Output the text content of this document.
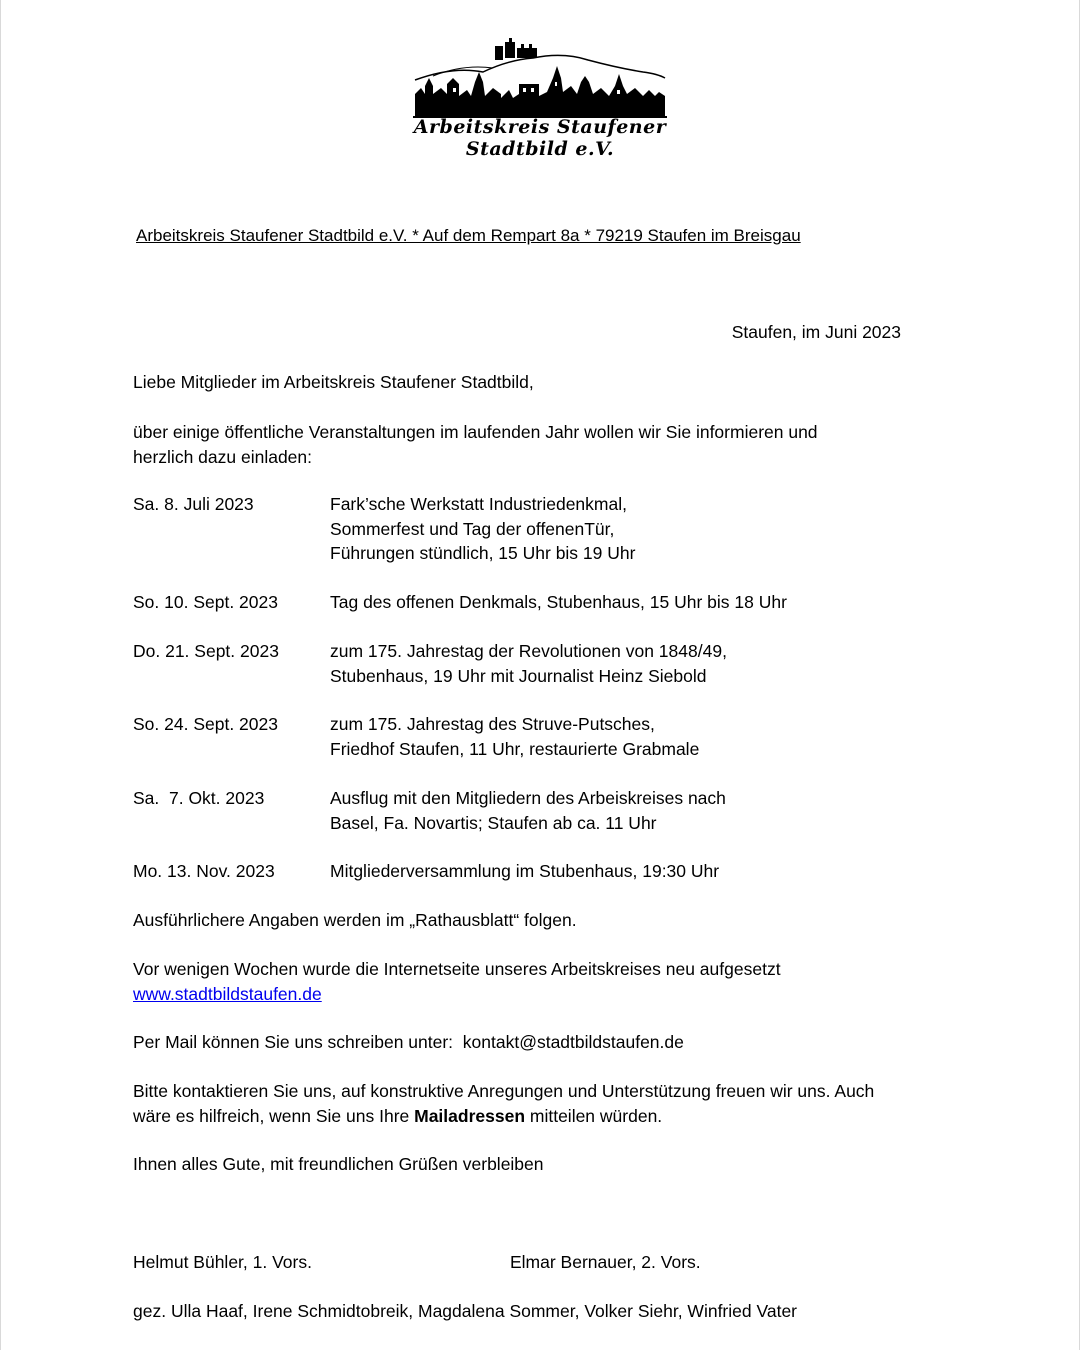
Arbeitskreis Staufener Stadtbild e.V.
Arbeitskreis Staufener Stadtbild e.V. * Auf dem Rempart 8a * 79219 Staufen im Breisgau
Staufen, im Juni 2023
Liebe Mitglieder im Arbeitskreis Staufener Stadtbild,
über einige öffentliche Veranstaltungen im laufenden Jahr wollen wir Sie informieren und
herzlich dazu einladen:
Sa. 8. Juli 2023	Fark’sche Werkstatt Industriedenkmal,
Sommerfest und Tag der offenenTür,
Führungen stündlich, 15 Uhr bis 19 Uhr
So. 10. Sept. 2023	Tag des offenen Denkmals, Stubenhaus, 15 Uhr bis 18 Uhr
Do. 21. Sept. 2023	zum 175. Jahrestag der Revolutionen von 1848/49,
Stubenhaus, 19 Uhr mit Journalist Heinz Siebold
So. 24. Sept. 2023	zum 175. Jahrestag des Struve-Putsches,
Friedhof Staufen, 11 Uhr, restaurierte Grabmale
Sa.  7. Okt. 2023	Ausflug mit den Mitgliedern des Arbeiskreises nach
Basel, Fa. Novartis; Staufen ab ca. 11 Uhr
Mo. 13. Nov. 2023	Mitgliederversammlung im Stubenhaus, 19:30 Uhr
Ausführlichere Angaben werden im „Rathausblatt“ folgen.
Vor wenigen Wochen wurde die Internetseite unseres Arbeitskreises neu aufgesetzt
www.stadtbildstaufen.de
Per Mail können Sie uns schreiben unter:  kontakt@stadtbildstaufen.de
Bitte kontaktieren Sie uns, auf konstruktive Anregungen und Unterstützung freuen wir uns. Auch
wäre es hilfreich, wenn Sie uns Ihre Mailadressen mitteilen würden.
Ihnen alles Gute, mit freundlichen Grüßen verbleiben
Helmut Bühler, 1. Vors.	Elmar Bernauer, 2. Vors.
gez. Ulla Haaf, Irene Schmidtobreik, Magdalena Sommer, Volker Siehr, Winfried Vater
